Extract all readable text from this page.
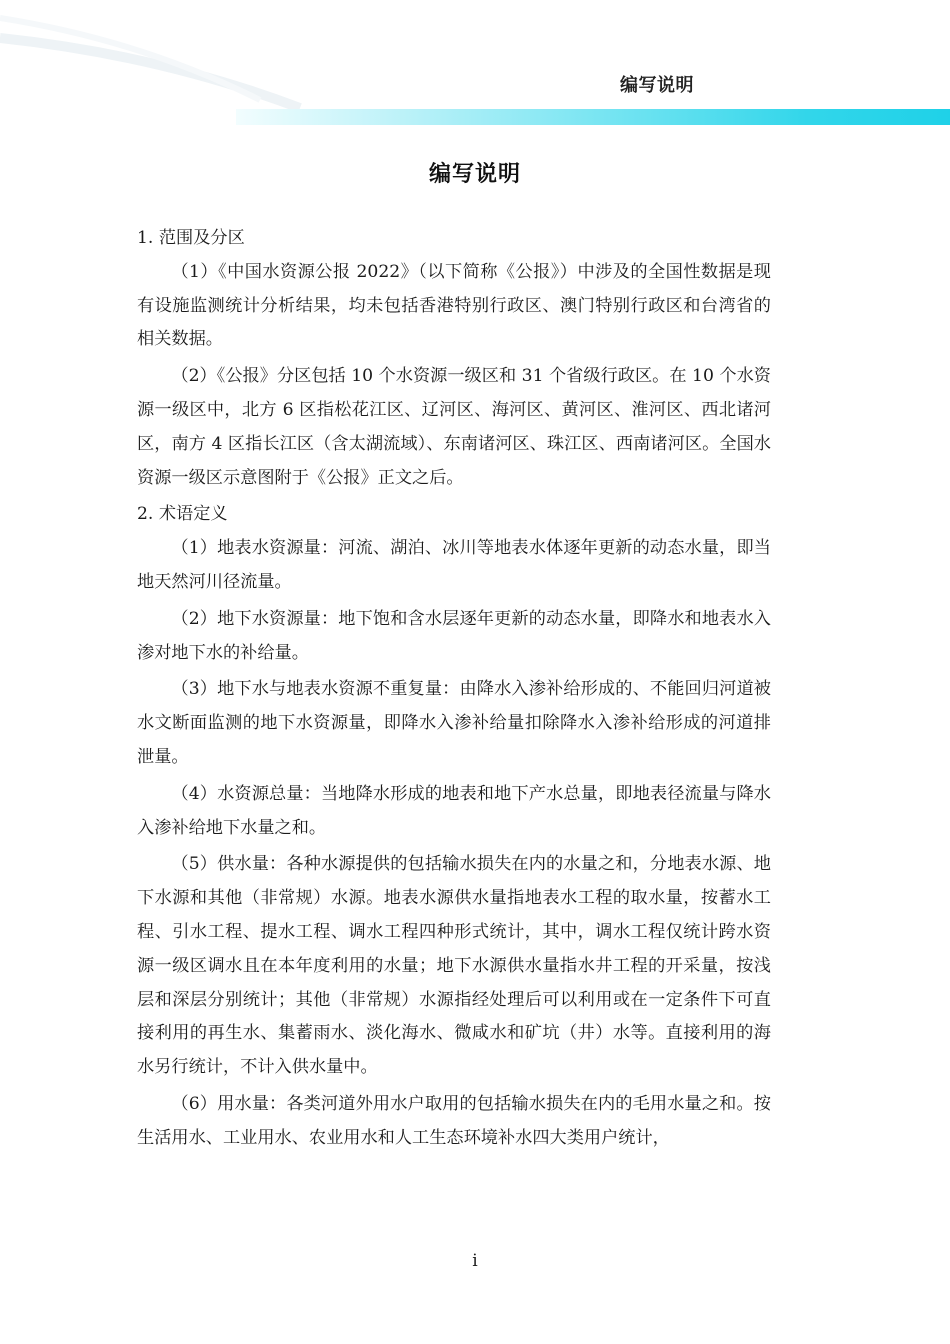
编写说明
编写说明

1. 范围及分区

（1）《中国水资源公报 2022》（以下简称《公报》）中涉及的全国性数据是现有设施监测统计分析结果，均未包括香港特别行政区、澳门特别行政区和台湾省的相关数据。

（2）《公报》分区包括 10 个水资源一级区和 31 个省级行政区。在 10 个水资源一级区中，北方 6 区指松花江区、辽河区、海河区、黄河区、淮河区、西北诸河区，南方 4 区指长江区（含太湖流域）、东南诸河区、珠江区、西南诸河区。全国水资源一级区示意图附于《公报》正文之后。

2. 术语定义

（1）地表水资源量：河流、湖泊、冰川等地表水体逐年更新的动态水量，即当地天然河川径流量。

（2）地下水资源量：地下饱和含水层逐年更新的动态水量，即降水和地表水入渗对地下水的补给量。

（3）地下水与地表水资源不重复量：由降水入渗补给形成的、不能回归河道被水文断面监测的地下水资源量，即降水入渗补给量扣除降水入渗补给形成的河道排泄量。

（4）水资源总量：当地降水形成的地表和地下产水总量，即地表径流量与降水入渗补给地下水量之和。

（5）供水量：各种水源提供的包括输水损失在内的水量之和，分地表水源、地下水源和其他（非常规）水源。地表水源供水量指地表水工程的取水量，按蓄水工程、引水工程、提水工程、调水工程四种形式统计，其中，调水工程仅统计跨水资源一级区调水且在本年度利用的水量；地下水源供水量指水井工程的开采量，按浅层和深层分别统计；其他（非常规）水源指经处理后可以利用或在一定条件下可直接利用的再生水、集蓄雨水、淡化海水、微咸水和矿坑（井）水等。直接利用的海水另行统计，不计入供水量中。

（6）用水量：各类河道外用水户取用的包括输水损失在内的毛用水量之和。按生活用水、工业用水、农业用水和人工生态环境补水四大类用户统计，

i
